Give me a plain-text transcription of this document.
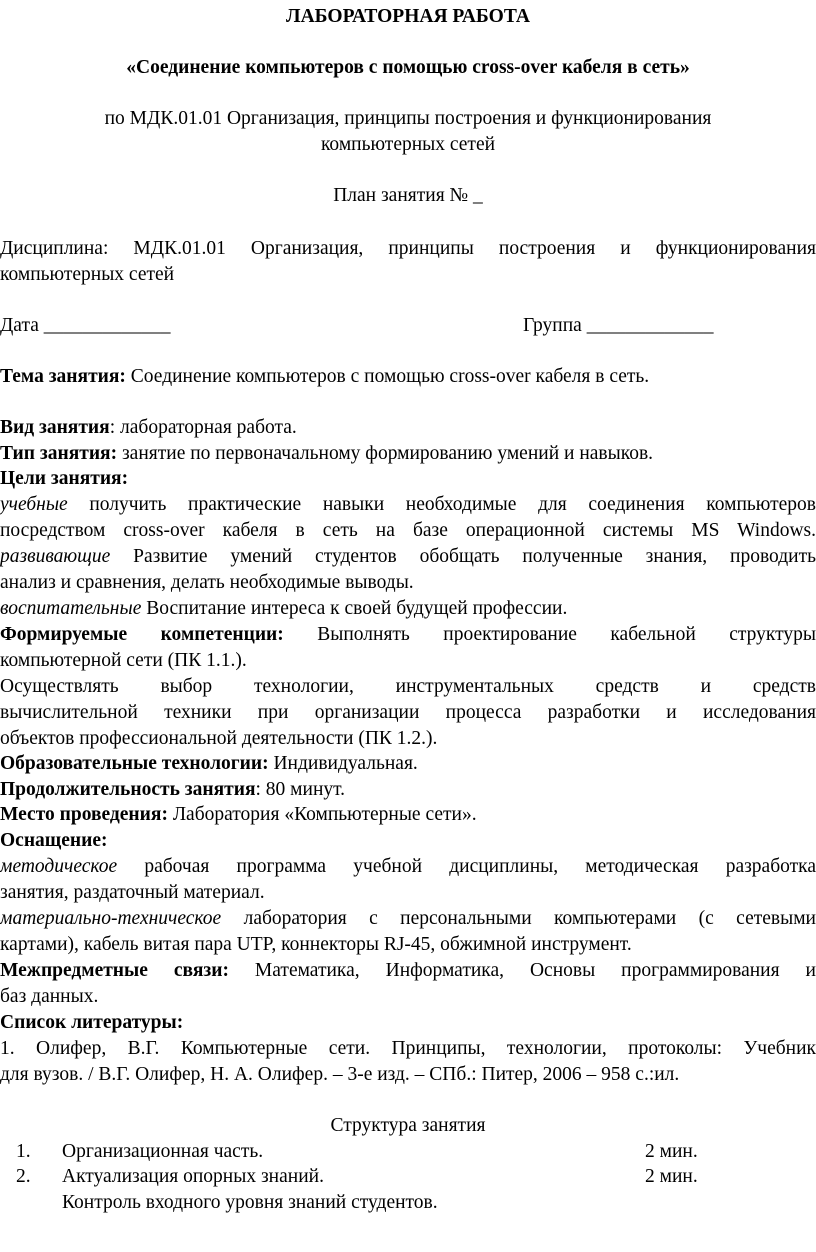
ЛАБОРАТОРНАЯ РАБОТА
«Соединение компьютеров с помощью cross-over кабеля в сеть»
по МДК.01.01 Организация, принципы построения и функционирования
компьютерных сетей
План занятия № _
Дисциплина: МДК.01.01 Организация, принципы построения и функционирования
компьютерных сетей
Дата _____________	Группа _____________
Тема занятия: Соединение компьютеров с помощью cross-over кабеля в сеть.
Вид занятия: лабораторная работа.
Тип занятия: занятие по первоначальному формированию умений и навыков.
Цели занятия:
учебные получить практические навыки необходимые для соединения компьютеров
посредством cross-over кабеля в сеть на базе операционной системы MS Windows.
развивающие Развитие умений студентов обобщать полученные знания, проводить
анализ и сравнения, делать необходимые выводы.
воспитательные Воспитание интереса к своей будущей профессии.
Формируемые компетенции: Выполнять проектирование кабельной структуры
компьютерной сети (ПК 1.1.).
Осуществлять выбор технологии, инструментальных средств и средств
вычислительной техники при организации процесса разработки и исследования
объектов профессиональной деятельности (ПК 1.2.).
Образовательные технологии: Индивидуальная.
Продолжительность занятия: 80 минут.
Место проведения: Лаборатория «Компьютерные сети».
Оснащение:
методическое рабочая программа учебной дисциплины, методическая разработка
занятия, раздаточный материал.
материально-техническое лаборатория с персональными компьютерами (с сетевыми
картами), кабель витая пара UTP, коннекторы RJ-45, обжимной инструмент.
Межпредметные связи: Математика, Информатика, Основы программирования и
баз данных.
Список литературы:
1. Олифер, В.Г. Компьютерные сети. Принципы, технологии, протоколы: Учебник
для вузов. / В.Г. Олифер, Н. А. Олифер. – 3-е изд. – СПб.: Питер, 2006 – 958 с.:ил.
Структура занятия
1.	Организационная часть.	2 мин.
2.	Актуализация опорных знаний.	2 мин.
Контроль входного уровня знаний студентов.
